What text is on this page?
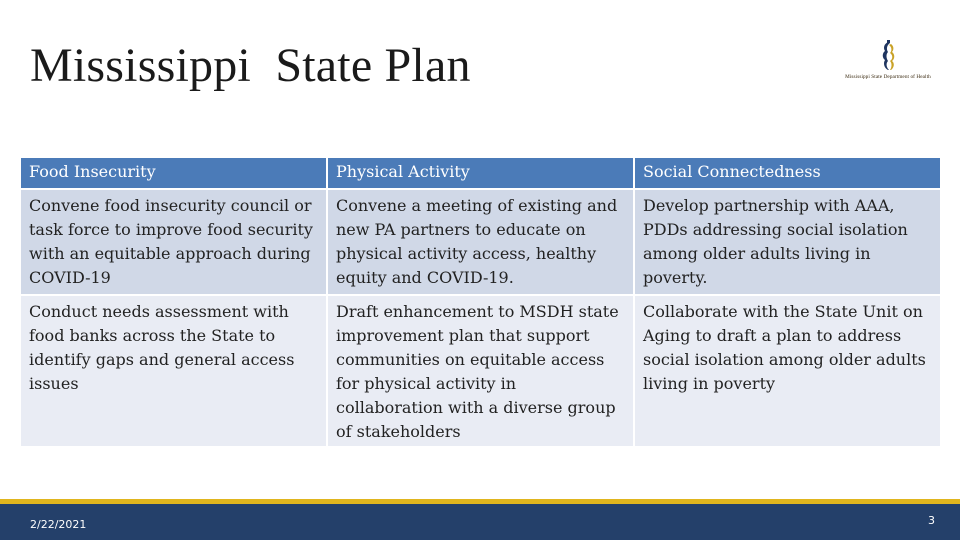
Mississippi  State Plan	Mississippi State Department of Health
Food Insecurity	Physical Activity	Social Connectedness
Convene food insecurity council or task force to improve food security with an equitable approach during COVID-19	Convene a meeting of existing and new PA partners to educate on physical activity access, healthy equity and COVID-19.	Develop partnership with AAA, PDDs addressing social isolation among older adults living in poverty.
Conduct needs assessment with food banks across the State to identify gaps and general access issues	Draft enhancement to MSDH state improvement plan that support communities on equitable access for physical activity in collaboration with a diverse group of stakeholders	Collaborate with the State Unit on Aging to draft a plan to address social isolation among older adults living in poverty
2/22/2021	3
